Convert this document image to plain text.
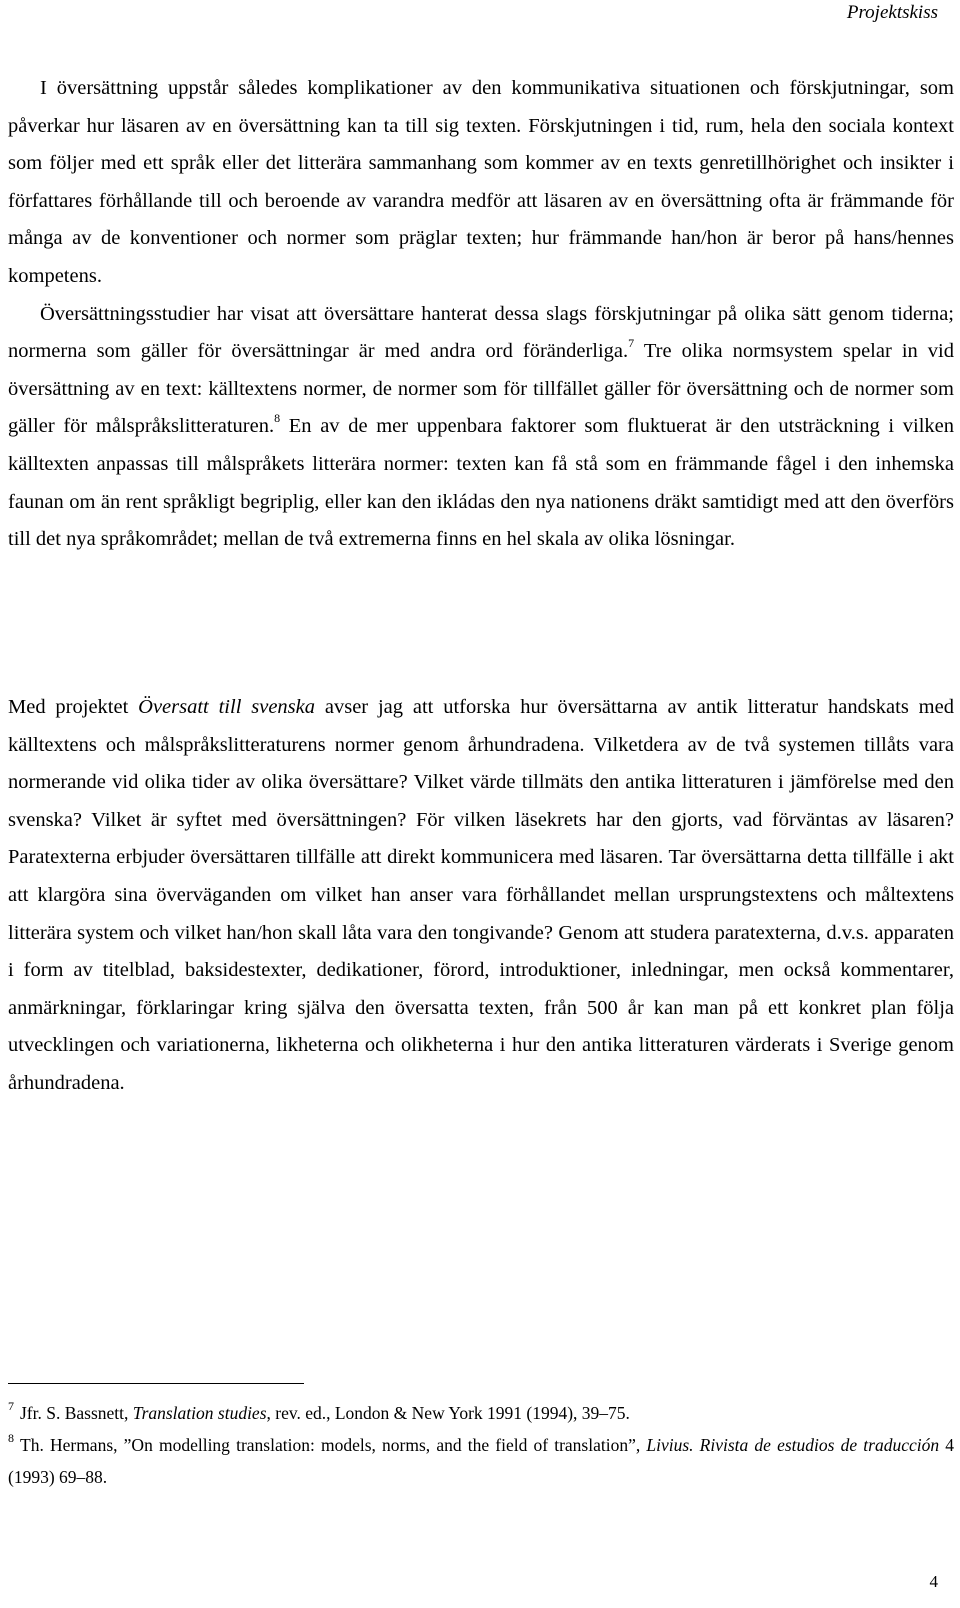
Projektskiss

I översättning uppstår således komplikationer av den kommunikativa situationen och förskjutningar, som påverkar hur läsaren av en översättning kan ta till sig texten. Förskjutningen i tid, rum, hela den sociala kontext som följer med ett språk eller det litterära sammanhang som kommer av en texts genretillhörighet och insikter i författares förhållande till och beroende av varandra medför att läsaren av en översättning ofta är främmande för många av de konventioner och normer som präglar texten; hur främmande han/hon är beror på hans/hennes kompetens.
Översättningsstudier har visat att översättare hanterat dessa slags förskjutningar på olika sätt genom tiderna; normerna som gäller för översättningar är med andra ord föränderliga.$^7$ Tre olika normsystem spelar in vid översättning av en text: källtextens normer, de normer som för tillfället gäller för översättning och de normer som gäller för målspråkslitteraturen.$^8$ En av de mer uppenbara faktorer som fluktuerat är den utsträckning i vilken källtexten anpassas till målspråkets litterära normer: texten kan få stå som en främmande fågel i den inhemska faunan om än rent språkligt begriplig, eller kan den ikládas den nya nationens dräkt samtidigt med att den överförs till det nya språkområdet; mellan de två extremerna finns en hel skala av olika lösningar.

Med projektet Översatt till svenska avser jag att utforska hur översättarna av antik litteratur handskats med källtextens och målspråkslitteraturens normer genom århundradena. Vilketdera av de två systemen tillåts vara normerande vid olika tider av olika översättare? Vilket värde tillmäts den antika litteraturen i jämförelse med den svenska? Vilket är syftet med översättningen? För vilken läsekrets har den gjorts, vad förväntas av läsaren? Paratexterna erbjuder översättaren tillfälle att direkt kommunicera med läsaren. Tar översättarna detta tillfälle i akt att klargöra sina överväganden om vilket han anser vara förhållandet mellan ursprungstextens och måltextens litterära system och vilket han/hon skall låta vara den tongivande? Genom att studera paratexterna, d.v.s. apparaten i form av titelblad, baksidestexter, dedikationer, förord, introduktioner, inledningar, men också kommentarer, anmärkningar, förklaringar kring själva den översatta texten, från 500 år kan man på ett konkret plan följa utvecklingen och variationerna, likheterna och olikheterna i hur den antika litteraturen värderats i Sverige genom århundradena.

$^7$ Jfr. S. Bassnett, Translation studies, rev. ed., London & New York 1991 (1994), 39–75.

$^8$ Th. Hermans, ”On modelling translation: models, norms, and the field of translation”, Livius. Rivista de estudios de traducción 4 (1993) 69–88.

4
